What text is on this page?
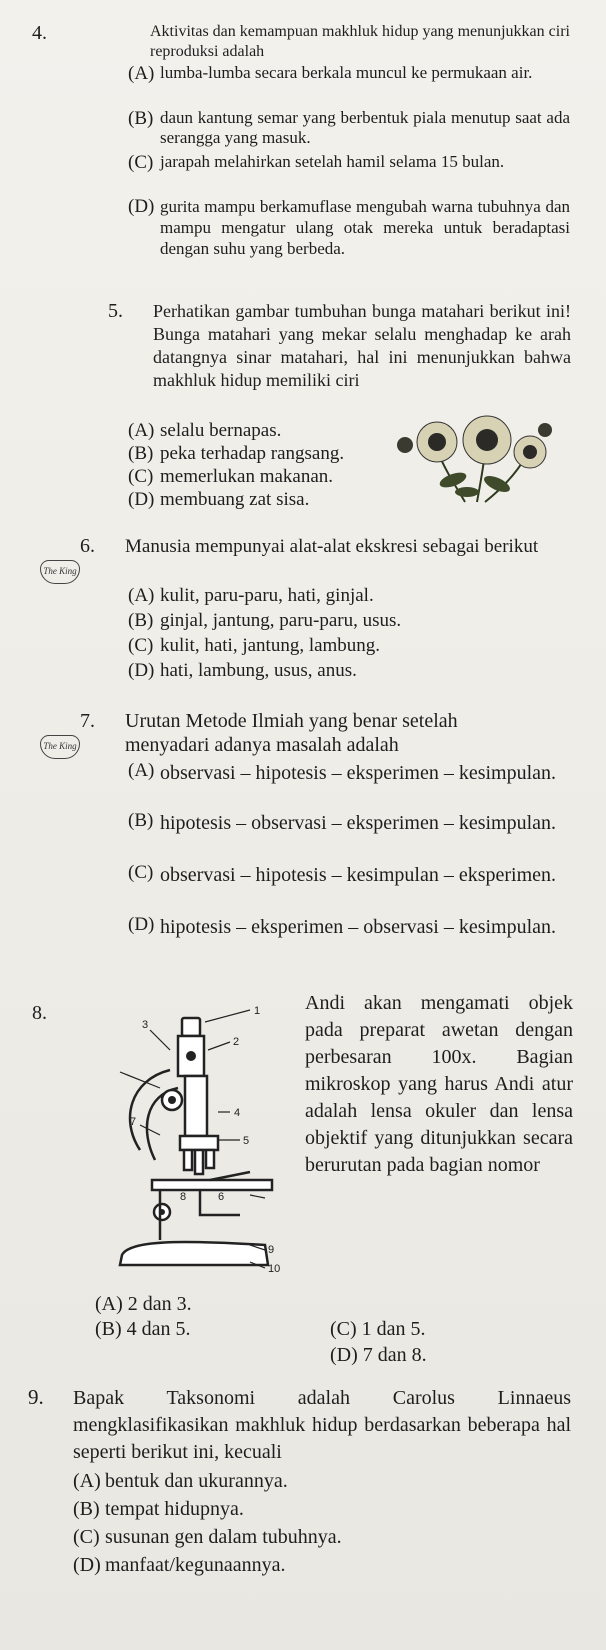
4.	Aktivitas dan kemampuan makhluk hidup yang menunjukkan ciri reproduksi adalah
(A) lumba-lumba secara berkala muncul ke permukaan air.
(B) daun kantung semar yang berbentuk piala menutup saat ada serangga yang masuk.
(C) jarapah melahirkan setelah hamil selama 15 bulan.
(D) gurita mampu berkamuflase mengubah warna tubuhnya dan mampu mengatur ulang otak mereka untuk beradaptasi dengan suhu yang berbeda.
5. Perhatikan gambar tumbuhan bunga matahari berikut ini! Bunga matahari yang mekar selalu menghadap ke arah datangnya sinar matahari, hal ini menunjukkan bahwa makhluk hidup memiliki ciri
(A) selalu bernapas.
(B) peka terhadap rangsang.
(C) memerlukan makanan.
(D) membuang zat sisa.
6. Manusia mempunyai alat-alat ekskresi sebagai berikut
The King
(A) kulit, paru-paru, hati, ginjal.
(B) ginjal, jantung, paru-paru, usus.
(C) kulit, hati, jantung, lambung.
(D) hati, lambung, usus, anus.
7. Urutan Metode Ilmiah yang benar setelah
The King menyadari adanya masalah adalah
(A) observasi – hipotesis – eksperimen – kesimpulan.
(B) hipotesis – observasi – eksperimen – kesimpulan.
(C) observasi – hipotesis – kesimpulan – eksperimen.
(D) hipotesis – eksperimen – observasi – kesimpulan.
8.	Andi akan mengamati objek pada preparat awetan dengan perbesaran 100x. Bagian mikroskop yang harus Andi atur adalah lensa okuler dan lensa objektif yang ditunjukkan secara berurutan pada bagian nomor
1
2
3
4
5
6
7
8
9
10
(A) 2 dan 3.
(B) 4 dan 5.	(C) 1 dan 5.
(D) 7 dan 8.
9. Bapak Taksonomi adalah Carolus Linnaeus mengklasifikasikan makhluk hidup berdasarkan beberapa hal seperti berikut ini, kecuali
(A) bentuk dan ukurannya.
(B) tempat hidupnya.
(C) susunan gen dalam tubuhnya.
(D) manfaat/kegunaannya.
